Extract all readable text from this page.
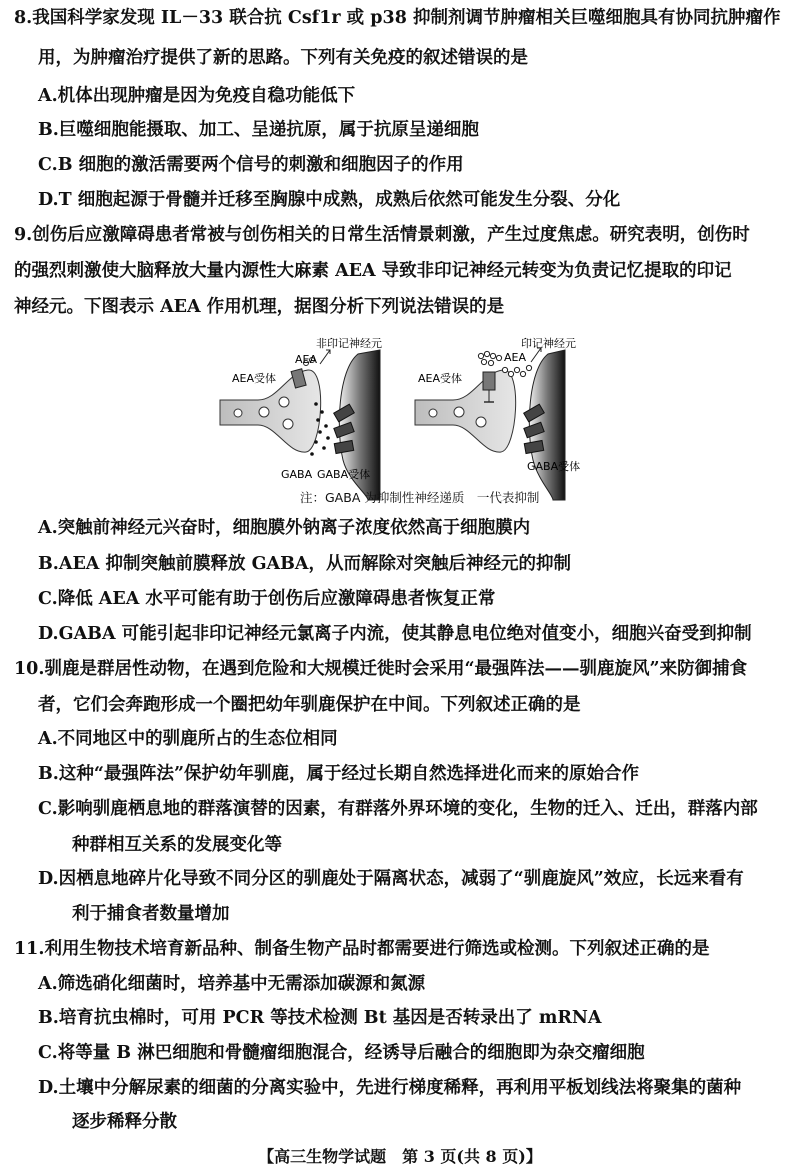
8.我国科学家发现 IL－33 联合抗 Csf1r 或 p38 抑制剂调节肿瘤相关巨噬细胞具有协同抗肿瘤作
用，为肿瘤治疗提供了新的思路。下列有关免疫的叙述错误的是
A.机体出现肿瘤是因为免疫自稳功能低下
B.巨噬细胞能摄取、加工、呈递抗原，属于抗原呈递细胞
C.B 细胞的激活需要两个信号的刺激和细胞因子的作用
D.T 细胞起源于骨髓并迁移至胸腺中成熟，成熟后依然可能发生分裂、分化
9.创伤后应激障碍患者常被与创伤相关的日常生活情景刺激，产生过度焦虑。研究表明，创伤时
的强烈刺激使大脑释放大量内源性大麻素 AEA 导致非印记神经元转变为负责记忆提取的印记
神经元。下图表示 AEA 作用机理，据图分析下列说法错误的是
非印记神经元
AEA
AEA受体
GABA GABA受体
印记神经元
AEA
AEA受体
GABA受体
注：GABA 为抑制性神经递质　一代表抑制
A.突触前神经元兴奋时，细胞膜外钠离子浓度依然高于细胞膜内
B.AEA 抑制突触前膜释放 GABA，从而解除对突触后神经元的抑制
C.降低 AEA 水平可能有助于创伤后应激障碍患者恢复正常
D.GABA 可能引起非印记神经元氯离子内流，使其静息电位绝对值变小，细胞兴奋受到抑制
10.驯鹿是群居性动物，在遇到危险和大规模迁徙时会采用“最强阵法——驯鹿旋风”来防御捕食
者，它们会奔跑形成一个圈把幼年驯鹿保护在中间。下列叙述正确的是
A.不同地区中的驯鹿所占的生态位相同
B.这种“最强阵法”保护幼年驯鹿，属于经过长期自然选择进化而来的原始合作
C.影响驯鹿栖息地的群落演替的因素，有群落外界环境的变化，生物的迁入、迁出，群落内部
种群相互关系的发展变化等
D.因栖息地碎片化导致不同分区的驯鹿处于隔离状态，减弱了“驯鹿旋风”效应，长远来看有
利于捕食者数量增加
11.利用生物技术培育新品种、制备生物产品时都需要进行筛选或检测。下列叙述正确的是
A.筛选硝化细菌时，培养基中无需添加碳源和氮源
B.培育抗虫棉时，可用 PCR 等技术检测 Bt 基因是否转录出了 mRNA
C.将等量 B 淋巴细胞和骨髓瘤细胞混合，经诱导后融合的细胞即为杂交瘤细胞
D.土壤中分解尿素的细菌的分离实验中，先进行梯度稀释，再利用平板划线法将聚集的菌种
逐步稀释分散
【高三生物学试题　第 3 页(共 8 页)】
